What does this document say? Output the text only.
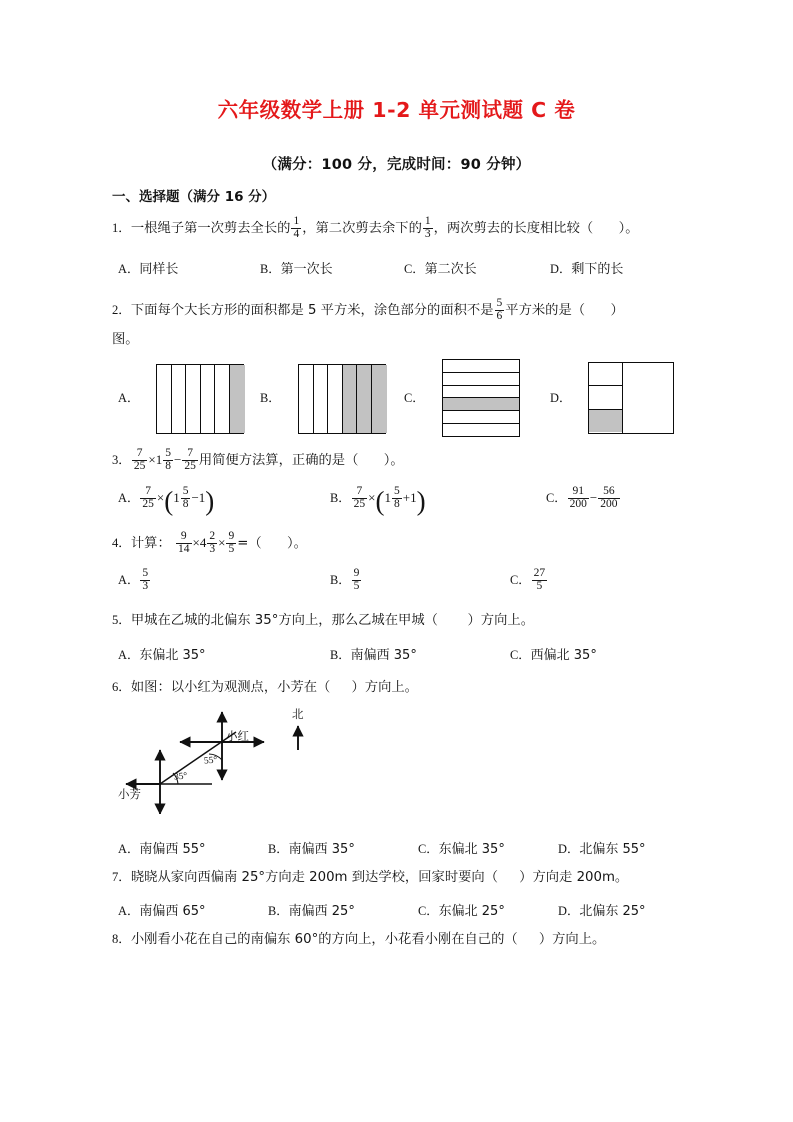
六年级数学上册 1-2 单元测试题 C 卷
（满分：100 分，完成时间：90 分钟）
一、选择题（满分 16 分）
1．一根绳子第一次剪去全长的 $\frac{1}{4}$ ，第二次剪去余下的 $\frac{1}{3}$ ，两次剪去的长度相比较（ ）。
A．同样长	B．第一次长	C．第二次长	D．剩下的长
2．下面每个大长方形的面积都是 5 平方米，涂色部分的面积不是 $\frac{5}{6}$ 平方米的是（ ）
图。
A．	B．	C．	D．
3． $\frac{7}{25} \times 1 \frac{5}{8} - \frac{7}{25}$ 用简便方法算，正确的是（ ）。
A． $\frac{7}{25} \times(1 \frac{5}{8} -1)$	B． $\frac{7}{25} \times(1 \frac{5}{8} +1)$	C． $\frac{91}{200} - \frac{56}{200}$
4．计算： $\frac{9}{14} \times 4 \frac{2}{3} \times \frac{9}{5}$ =（ ）。
A． $\frac{5}{3}$	B． $\frac{9}{5}$	C． $\frac{27}{5}$
5．甲城在乙城的北偏东 35°方向上，那么乙城在甲城（ ）方向上。
A．东偏北 35°	B．南偏西 35°	C．西偏北 35°
6．如图：以小红为观测点，小芳在（ ）方向上。
小红
小芳
北
55°
35°
A．南偏西 55°	B．南偏西 35°	C．东偏北 35°	D．北偏东 55°
7．晓晓从家向西偏南 25°方向走 200m 到达学校，回家时要向（ ）方向走 200m。
A．南偏西 65°	B．南偏西 25°	C．东偏北 25°	D．北偏东 25°
8．小刚看小花在自己的南偏东 60°的方向上，小花看小刚在自己的（ ）方向上。
